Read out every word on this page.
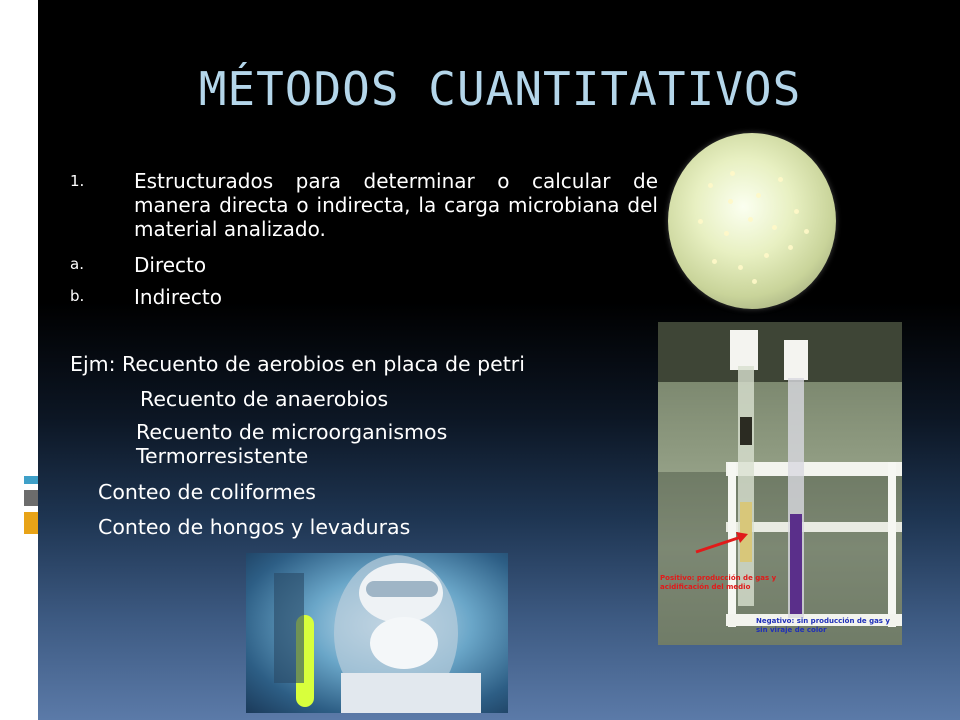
MÉTODOS CUANTITATIVOS
1. Estructurados para determinar o calcular de manera directa o indirecta, la carga microbiana del material analizado.
a.	Directo
b. Indirecto
Ejm: Recuento de aerobios en placa de petri
Recuento de anaerobios
Recuento de microorganismos
Termorresistente
Conteo de coliformes
Conteo de hongos y levaduras
Positivo: producción de gas y acidificación del medio
Negativo: sin producción de gas y sin viraje de color
